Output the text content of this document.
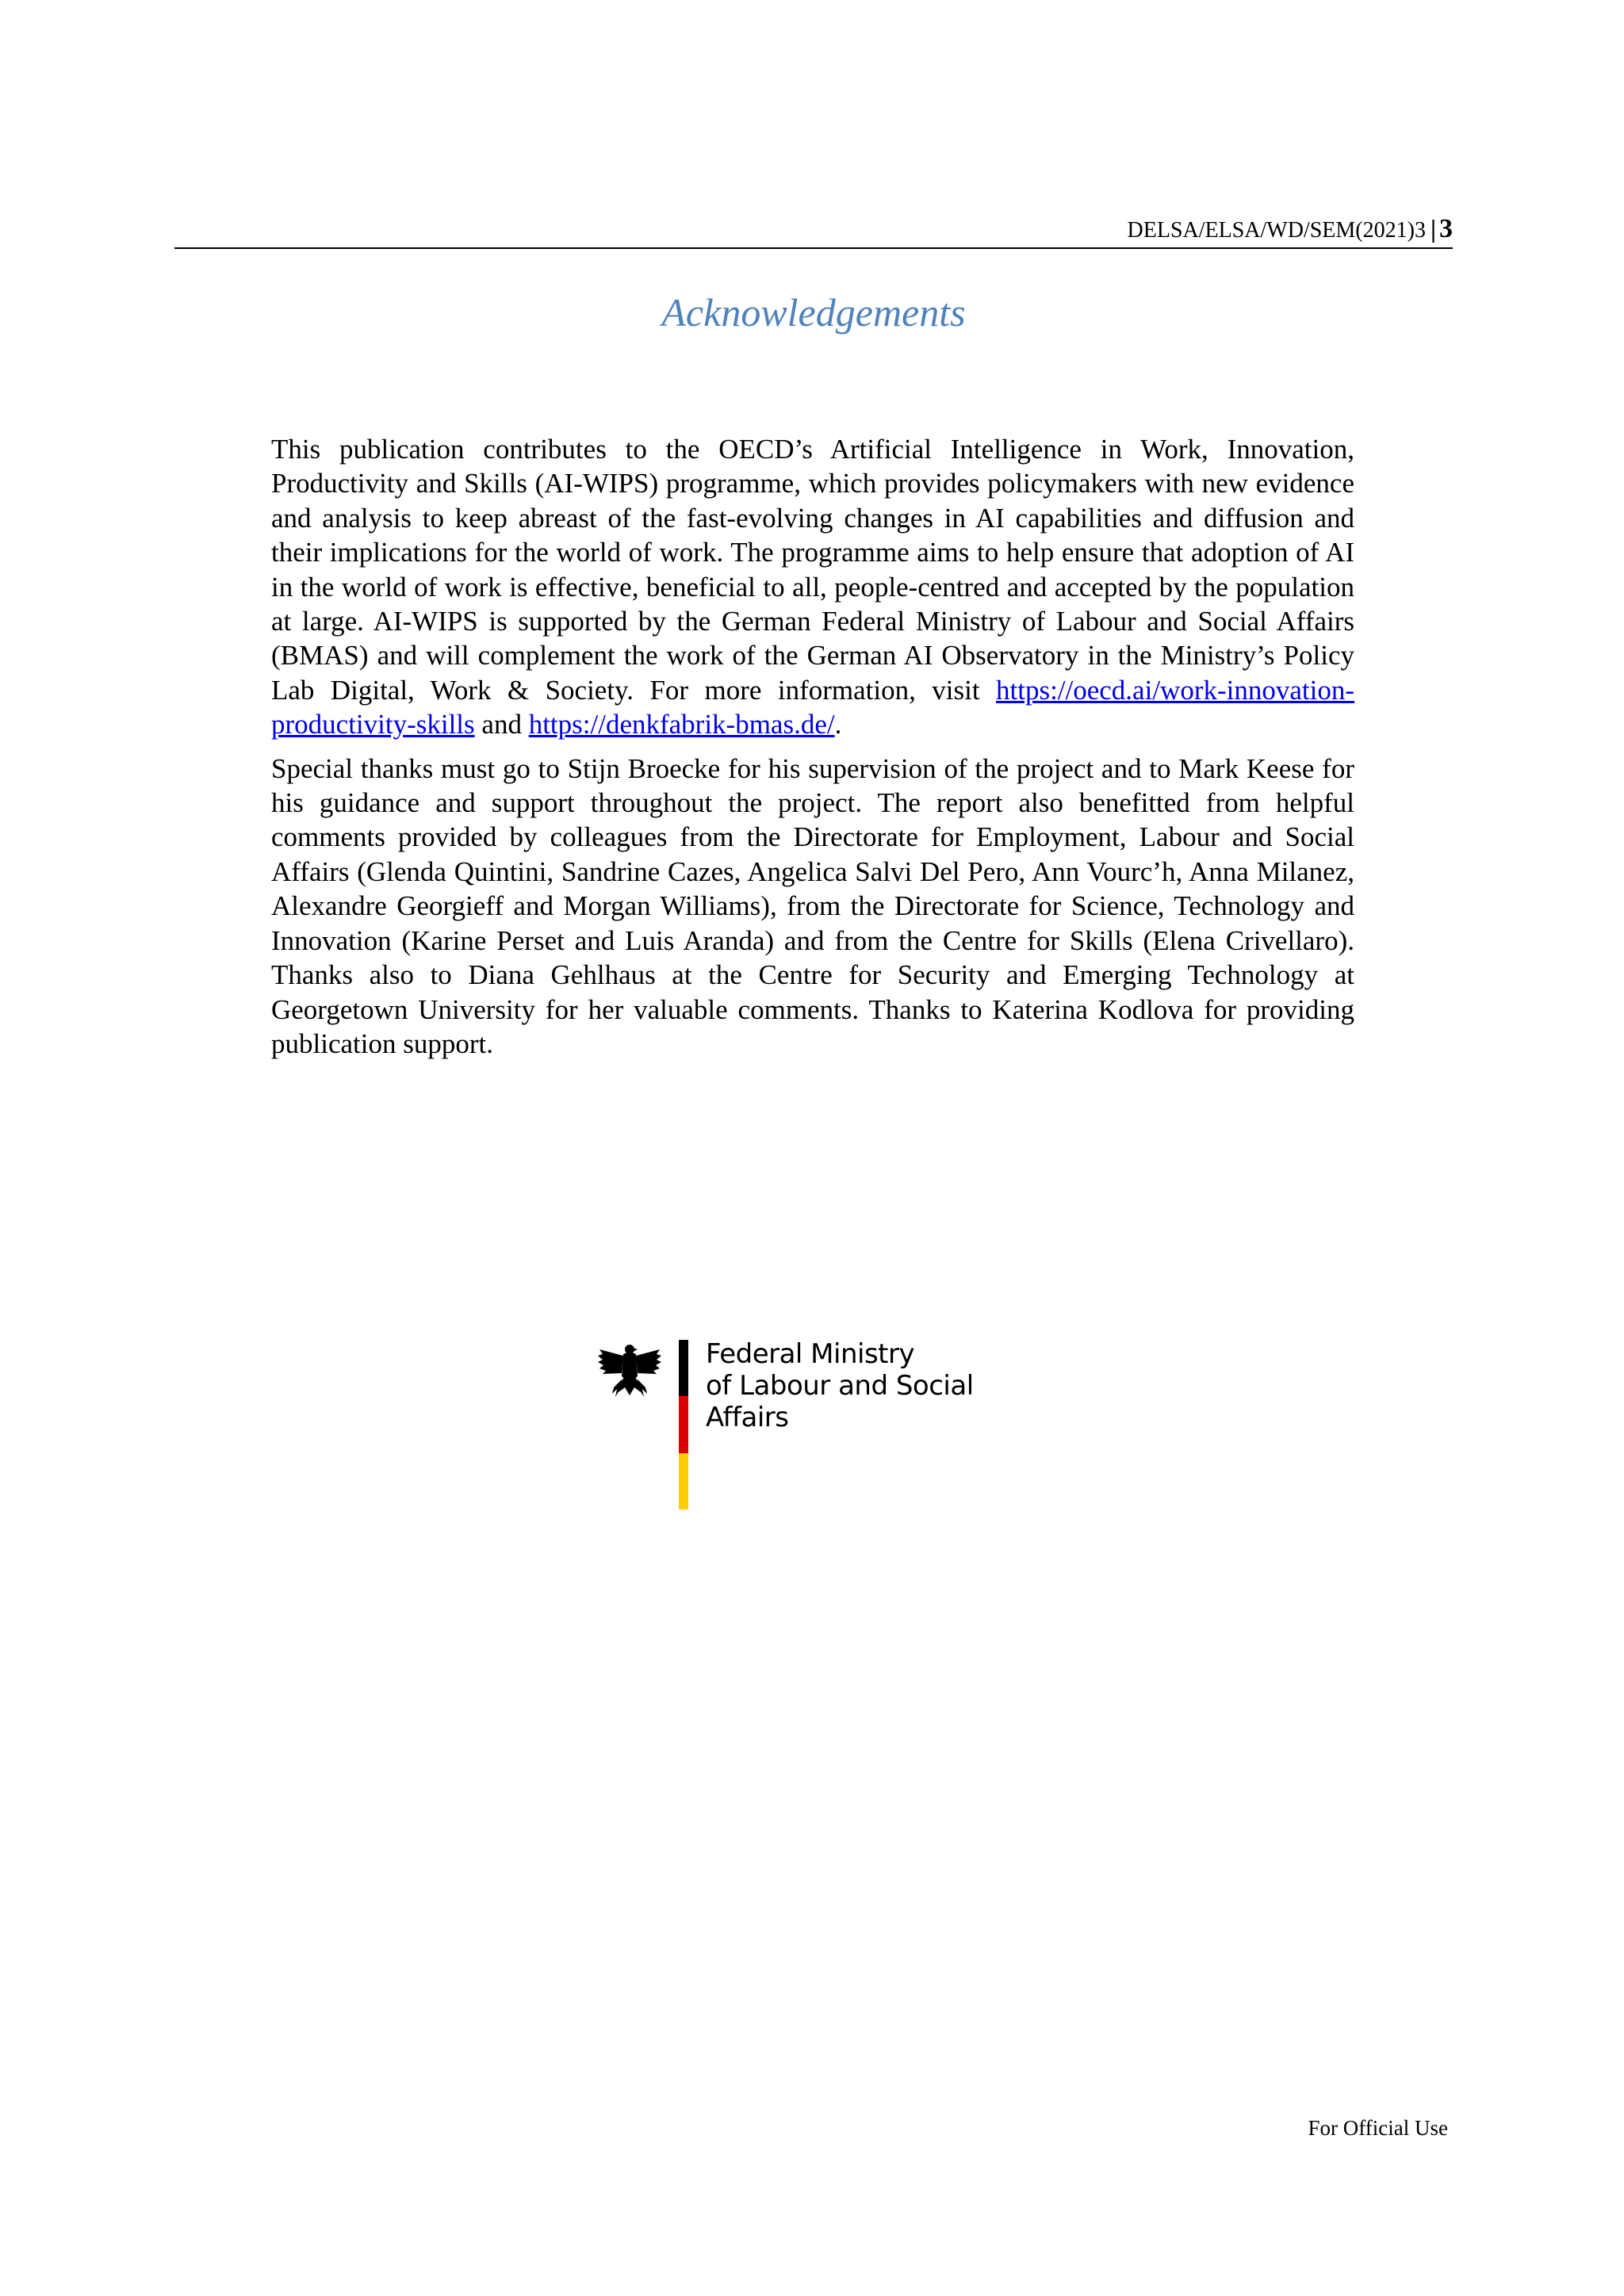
DELSA/ELSA/WD/SEM(2021)3 | 3
Acknowledgements

This publication contributes to the OECD’s Artificial Intelligence in Work, Innovation, Productivity and Skills (AI-WIPS) programme, which provides policymakers with new evidence and analysis to keep abreast of the fast-evolving changes in AI capabilities and diffusion and their implications for the world of work. The programme aims to help ensure that adoption of AI in the world of work is effective, beneficial to all, people-centred and accepted by the population at large. AI-WIPS is supported by the German Federal Ministry of Labour and Social Affairs (BMAS) and will complement the work of the German AI Observatory in the Ministry’s Policy Lab Digital, Work & Society. For more information, visit https://oecd.ai/work-innovation-productivity-skills and https://denkfabrik-bmas.de/.

Special thanks must go to Stijn Broecke for his supervision of the project and to Mark Keese for his guidance and support throughout the project. The report also benefitted from helpful comments provided by colleagues from the Directorate for Employment, Labour and Social Affairs (Glenda Quintini, Sandrine Cazes, Angelica Salvi Del Pero, Ann Vourc’h, Anna Milanez, Alexandre Georgieff and Morgan Williams), from the Directorate for Science, Technology and Innovation (Karine Perset and Luis Aranda) and from the Centre for Skills (Elena Crivellaro). Thanks also to Diana Gehlhaus at the Centre for Security and Emerging Technology at Georgetown University for her valuable comments. Thanks to Katerina Kodlova for providing publication support.

Federal Ministry
of Labour and Social Affairs
For Official Use
